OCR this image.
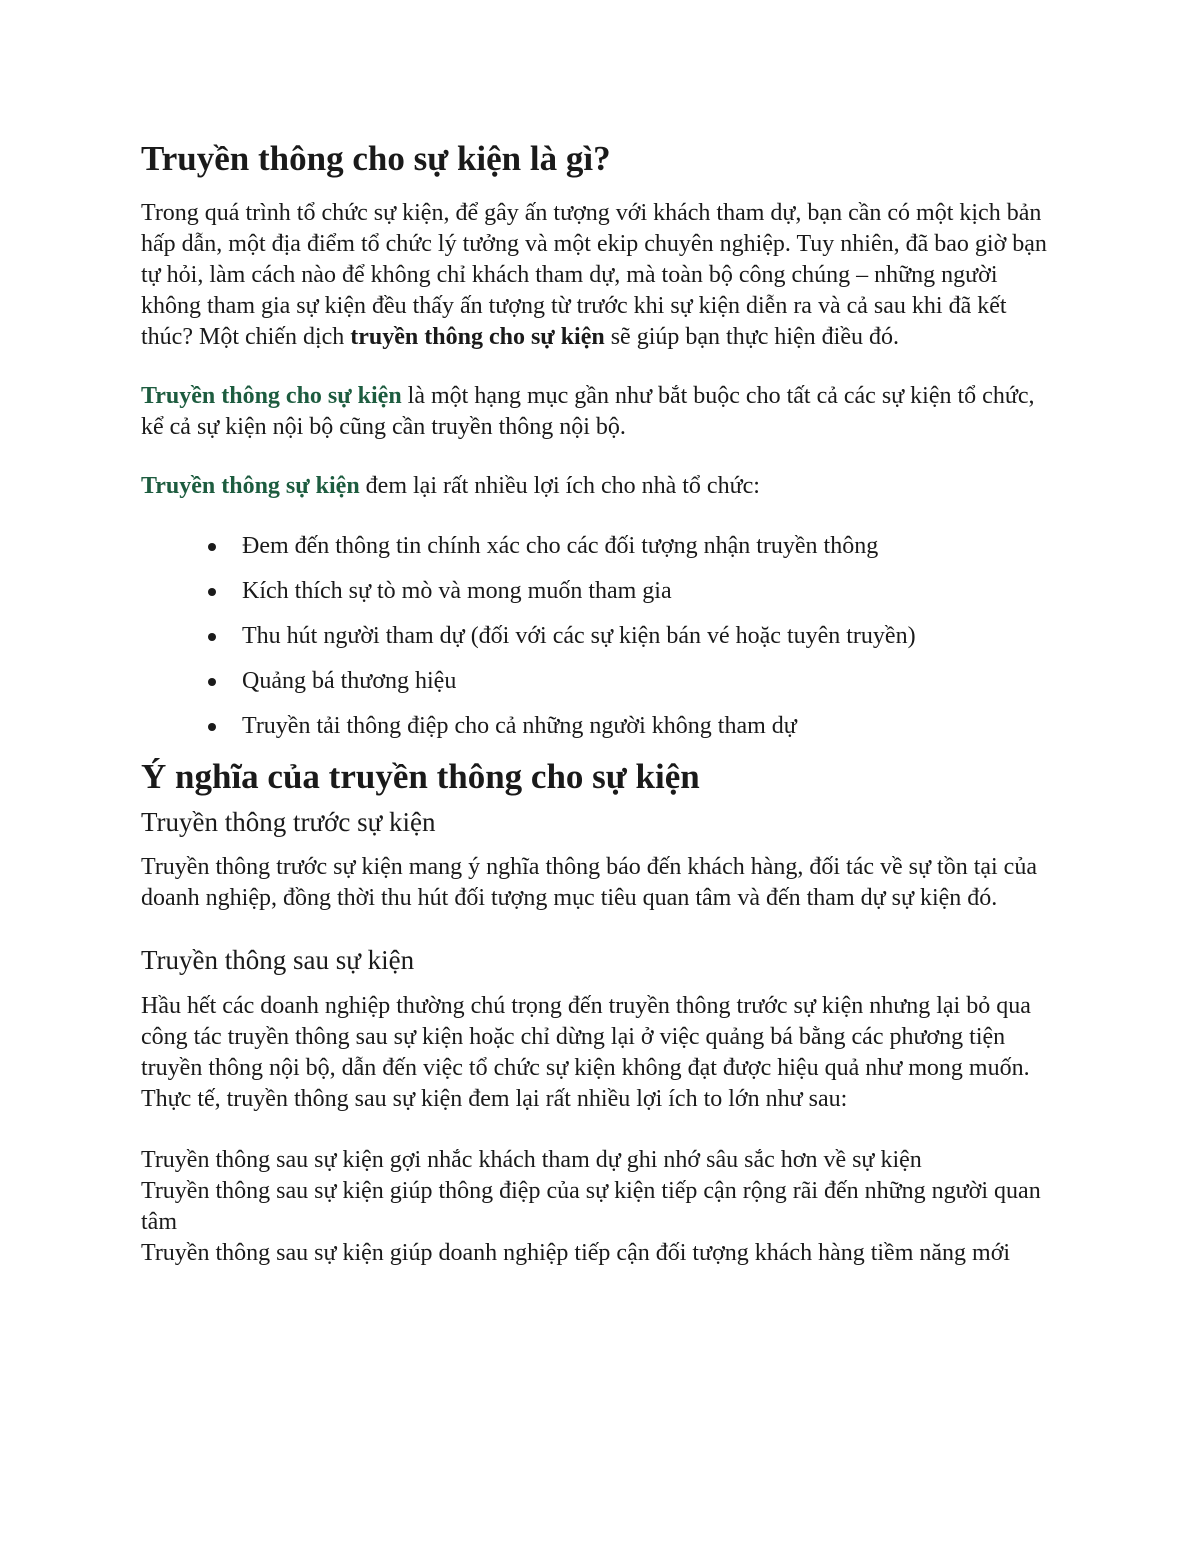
Truyền thông cho sự kiện là gì?

Trong quá trình tổ chức sự kiện, để gây ấn tượng với khách tham dự, bạn cần có một kịch bản hấp dẫn, một địa điểm tổ chức lý tưởng và một ekip chuyên nghiệp. Tuy nhiên, đã bao giờ bạn tự hỏi, làm cách nào để không chỉ khách tham dự, mà toàn bộ công chúng – những người không tham gia sự kiện đều thấy ấn tượng từ trước khi sự kiện diễn ra và cả sau khi đã kết thúc? Một chiến dịch truyền thông cho sự kiện sẽ giúp bạn thực hiện điều đó.

Truyền thông cho sự kiện là một hạng mục gần như bắt buộc cho tất cả các sự kiện tổ chức, kể cả sự kiện nội bộ cũng cần truyền thông nội bộ.

Truyền thông sự kiện đem lại rất nhiều lợi ích cho nhà tổ chức:

Đem đến thông tin chính xác cho các đối tượng nhận truyền thông
Kích thích sự tò mò và mong muốn tham gia
Thu hút người tham dự (đối với các sự kiện bán vé hoặc tuyên truyền)
Quảng bá thương hiệu
Truyền tải thông điệp cho cả những người không tham dự
Ý nghĩa của truyền thông cho sự kiện
Truyền thông trước sự kiện

Truyền thông trước sự kiện mang ý nghĩa thông báo đến khách hàng, đối tác về sự tồn tại của doanh nghiệp, đồng thời thu hút đối tượng mục tiêu quan tâm và đến tham dự sự kiện đó.

Truyền thông sau sự kiện

Hầu hết các doanh nghiệp thường chú trọng đến truyền thông trước sự kiện nhưng lại bỏ qua công tác truyền thông sau sự kiện hoặc chỉ dừng lại ở việc quảng bá bằng các phương tiện truyền thông nội bộ, dẫn đến việc tổ chức sự kiện không đạt được hiệu quả như mong muốn. Thực tế, truyền thông sau sự kiện đem lại rất nhiều lợi ích to lớn như sau:

Truyền thông sau sự kiện gợi nhắc khách tham dự ghi nhớ sâu sắc hơn về sự kiện

Truyền thông sau sự kiện giúp thông điệp của sự kiện tiếp cận rộng rãi đến những người quan tâm

Truyền thông sau sự kiện giúp doanh nghiệp tiếp cận đối tượng khách hàng tiềm năng mới
